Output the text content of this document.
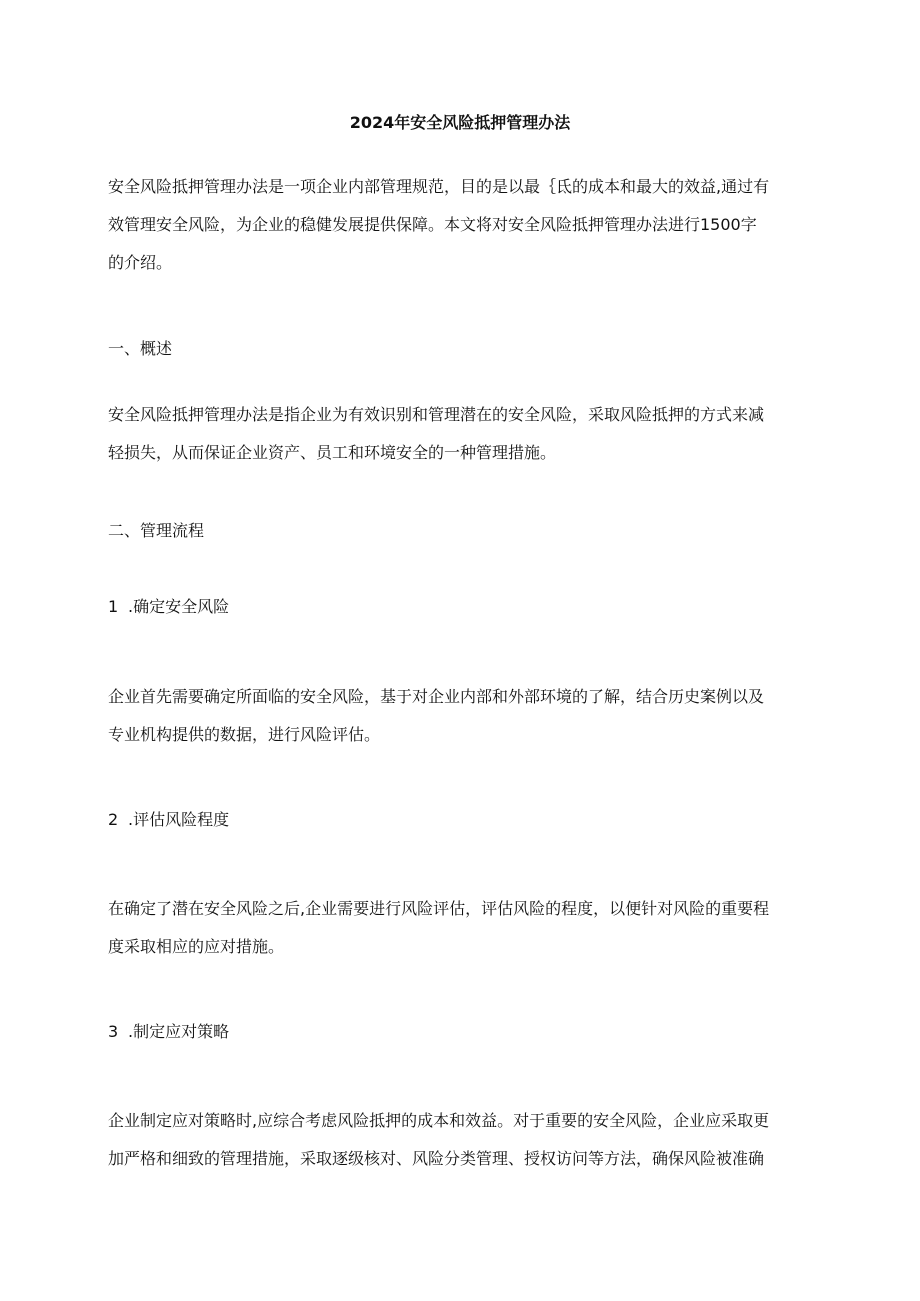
2024年安全风险抵押管理办法
安全风险抵押管理办法是一项企业内部管理规范，目的是以最｛氐的成本和最大的效益,通过有
效管理安全风险，为企业的稳健发展提供保障。本文将对安全风险抵押管理办法进行1500字
的介绍。
一、概述
安全风险抵押管理办法是指企业为有效识别和管理潜在的安全风险，采取风险抵押的方式来减
轻损失，从而保证企业资产、员工和环境安全的一种管理措施。
二、管理流程
1 .确定安全风险
企业首先需要确定所面临的安全风险，基于对企业内部和外部环境的了解，结合历史案例以及
专业机构提供的数据，进行风险评估。
2 .评估风险程度
在确定了潜在安全风险之后,企业需要进行风险评估，评估风险的程度，以便针对风险的重要程
度采取相应的应对措施。
3 .制定应对策略
企业制定应对策略时,应综合考虑风险抵押的成本和效益。对于重要的安全风险，企业应采取更
加严格和细致的管理措施，采取逐级核对、风险分类管理、授权访问等方法，确保风险被准确
